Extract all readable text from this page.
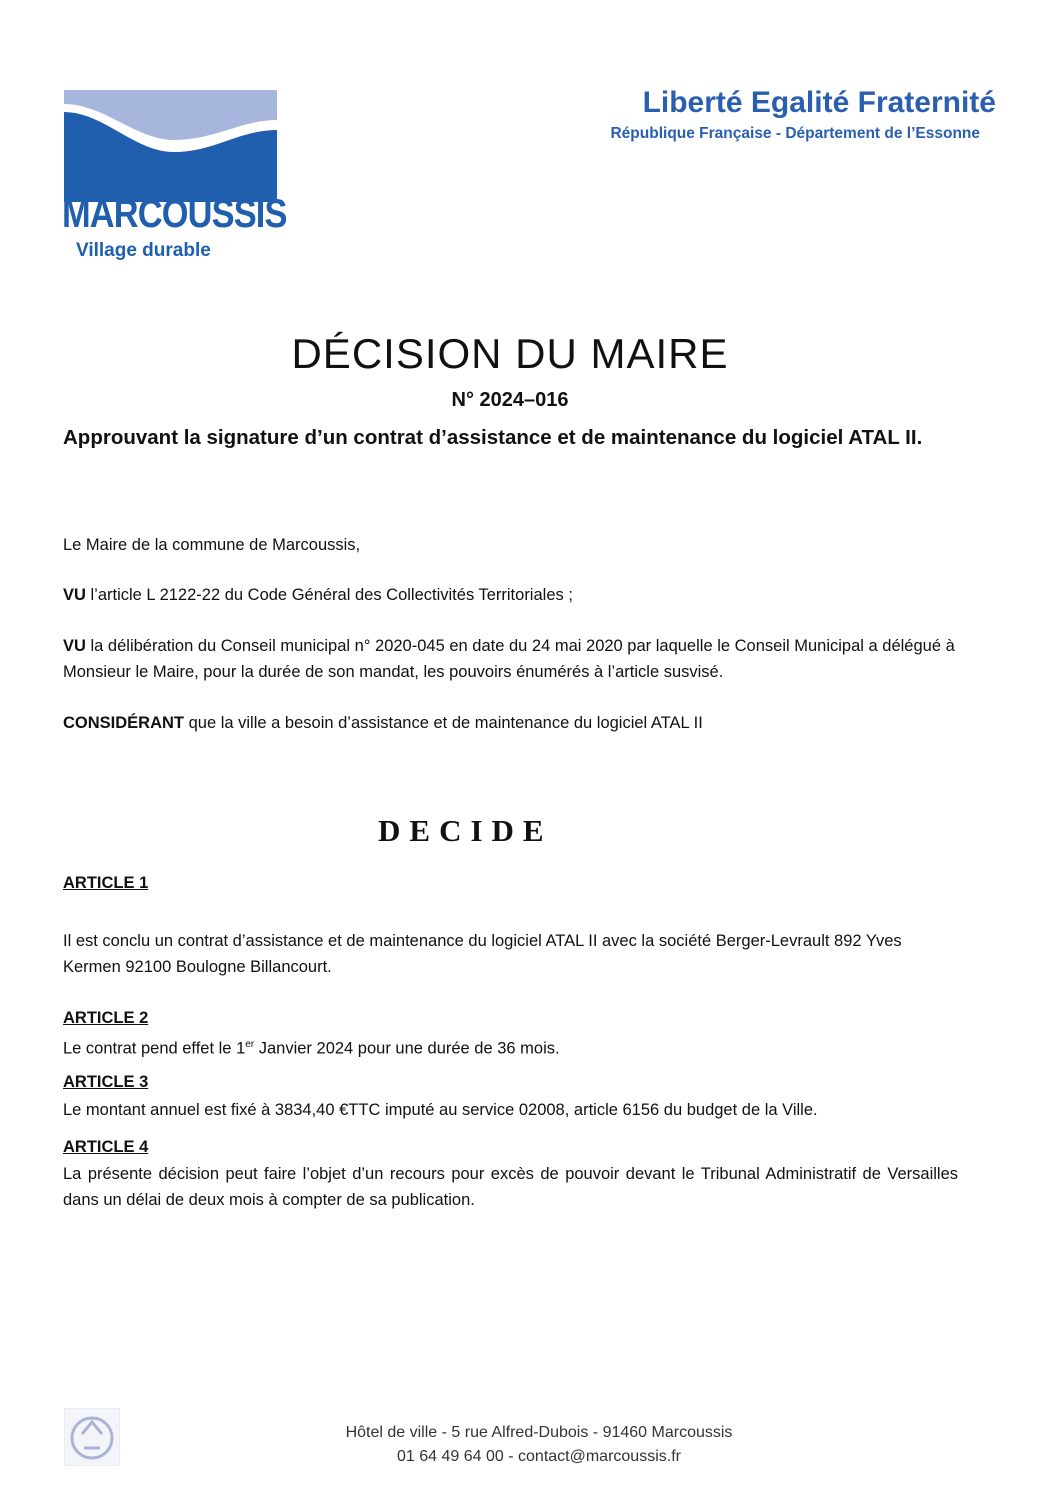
MARCOUSSIS
Village durable
Liberté Egalité Fraternité
République Française - Département de l’Essonne
DÉCISION DU MAIRE
N° 2024–016
Approuvant la signature d’un contrat d’assistance et de maintenance du logiciel ATAL II.
Le Maire de la commune de Marcoussis,
VU l’article L 2122-22 du Code Général des Collectivités Territoriales ;
VU la délibération du Conseil municipal n° 2020-045 en date du 24 mai 2020 par laquelle le Conseil Municipal a délégué à Monsieur le Maire, pour la durée de son mandat, les pouvoirs énumérés à l’article susvisé.
CONSIDÉRANT que la ville a besoin d’assistance et de maintenance du logiciel ATAL II
DECIDE
ARTICLE 1
Il est conclu un contrat d’assistance et de maintenance du logiciel ATAL II avec la société Berger-Levrault 892 Yves Kermen 92100 Boulogne Billancourt.
ARTICLE 2
Le contrat pend effet le 1er Janvier 2024 pour une durée de 36 mois.
ARTICLE 3
Le montant annuel est fixé à 3834,40 €TTC imputé au service 02008, article 6156 du budget de la Ville.
ARTICLE 4
La présente décision peut faire l’objet d’un recours pour excès de pouvoir devant le Tribunal Administratif de Versailles dans un délai de deux mois à compter de sa publication.
Hôtel de ville - 5 rue Alfred-Dubois - 91460 Marcoussis
01 64 49 64 00 - contact@marcoussis.fr
